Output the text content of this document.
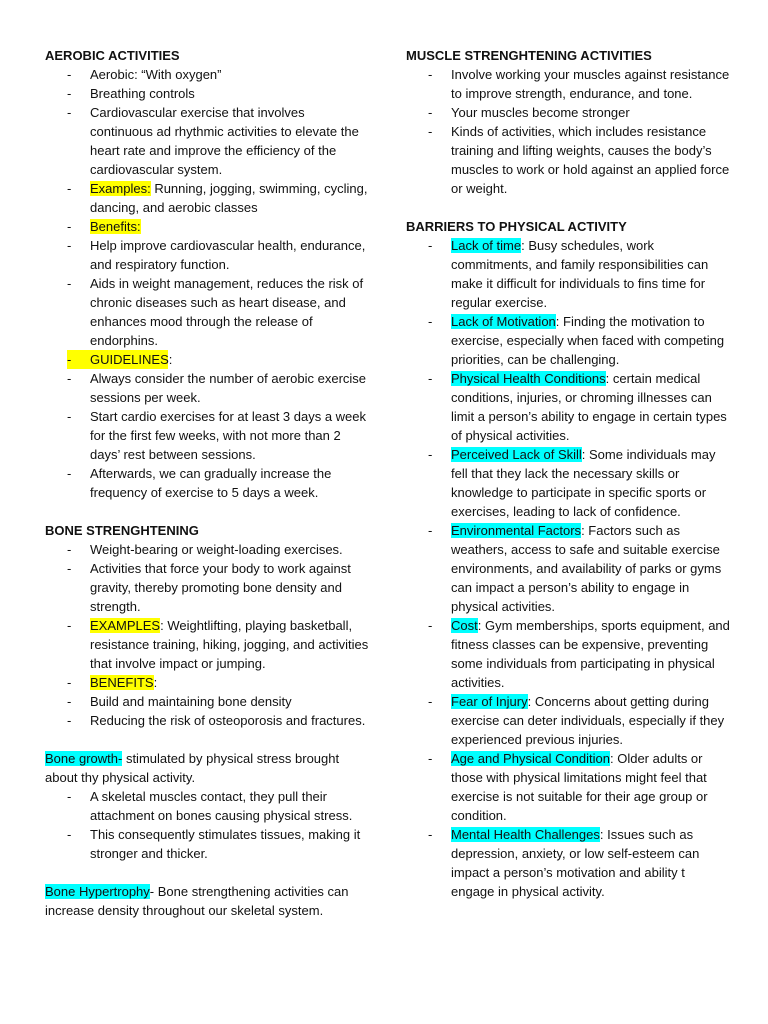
AEROBIC ACTIVITIES
- Aerobic: “With oxygen”
- Breathing controls
- Cardiovascular exercise that involves continuous ad rhythmic activities to elevate the heart rate and improve the efficiency of the cardiovascular system.
- Examples: Running, jogging, swimming, cycling, dancing, and aerobic classes
- Benefits:
- Help improve cardiovascular health, endurance, and respiratory function.
- Aids in weight management, reduces the risk of chronic diseases such as heart disease, and enhances mood through the release of endorphins.
- GUIDELINES:
- Always consider the number of aerobic exercise sessions per week.
- Start cardio exercises for at least 3 days a week for the first few weeks, with not more than 2 days’ rest between sessions.
- Afterwards, we can gradually increase the frequency of exercise to 5 days a week.
BONE STRENGHTENING
- Weight-bearing or weight-loading exercises.
- Activities that force your body to work against gravity, thereby promoting bone density and strength.
- EXAMPLES: Weightlifting, playing basketball, resistance training, hiking, jogging, and activities that involve impact or jumping.
- BENEFITS:
- Build and maintaining bone density
- Reducing the risk of osteoporosis and fractures.
Bone growth- stimulated by physical stress brought about thy physical activity.
- A skeletal muscles contact, they pull their attachment on bones causing physical stress.
- This consequently stimulates tissues, making it stronger and thicker.
Bone Hypertrophy- Bone strengthening activities can increase density throughout our skeletal system.
MUSCLE STRENGHTENING ACTIVITIES
- Involve working your muscles against resistance to improve strength, endurance, and tone.
- Your muscles become stronger
- Kinds of activities, which includes resistance training and lifting weights, causes the body’s muscles to work or hold against an applied force or weight.
BARRIERS TO PHYSICAL ACTIVITY
- Lack of time: Busy schedules, work commitments, and family responsibilities can make it difficult for individuals to fins time for regular exercise.
- Lack of Motivation: Finding the motivation to exercise, especially when faced with competing priorities, can be challenging.
- Physical Health Conditions: certain medical conditions, injuries, or chroming illnesses can limit a person’s ability to engage in certain types of physical activities.
- Perceived Lack of Skill: Some individuals may fell that they lack the necessary skills or knowledge to participate in specific sports or exercises, leading to lack of confidence.
- Environmental Factors: Factors such as weathers, access to safe and suitable exercise environments, and availability of parks or gyms can impact a person’s ability to engage in physical activities.
- Cost: Gym memberships, sports equipment, and fitness classes can be expensive, preventing some individuals from participating in physical activities.
- Fear of Injury: Concerns about getting during exercise can deter individuals, especially if they experienced previous injuries.
- Age and Physical Condition: Older adults or those with physical limitations might feel that exercise is not suitable for their age group or condition.
- Mental Health Challenges: Issues such as depression, anxiety, or low self-esteem can impact a person’s motivation and ability t engage in physical activity.
